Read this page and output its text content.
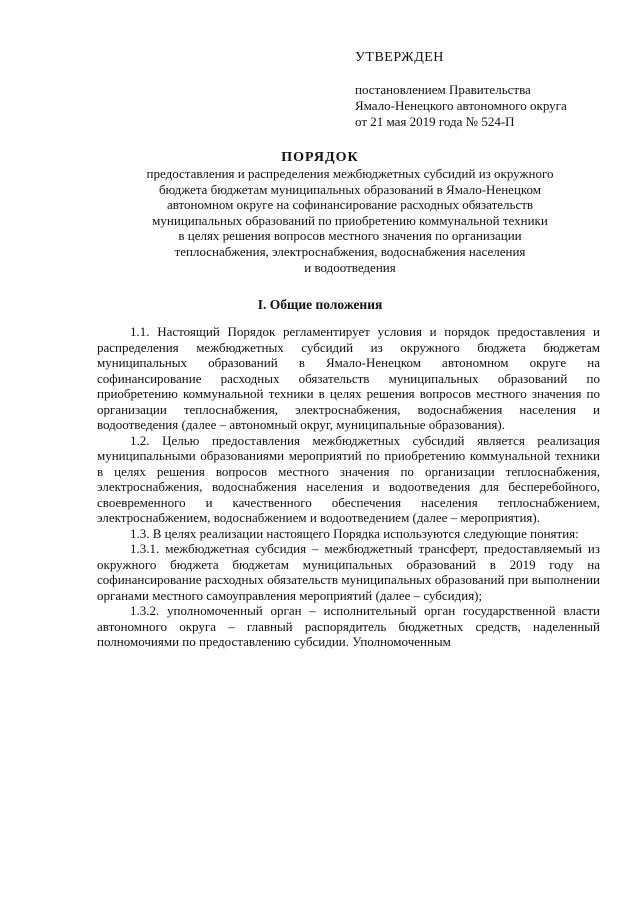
УТВЕРЖДЕН
постановлением Правительства
Ямало-Ненецкого автономного округа
от 21 мая 2019 года № 524-П
ПОРЯДОК
предоставления и распределения межбюджетных субсидий из окружного
бюджета бюджетам муниципальных образований в Ямало-Ненецком
автономном округе на софинансирование расходных обязательств
муниципальных образований по приобретению коммунальной техники
в целях решения вопросов местного значения по организации
теплоснабжения, электроснабжения, водоснабжения населения
и водоотведения
I. Общие положения

1.1. Настоящий Порядок регламентирует условия и порядок предоставления и распределения межбюджетных субсидий из окружного бюджета бюджетам муниципальных образований в Ямало-Ненецком автономном округе на софинансирование расходных обязательств муниципальных образований по приобретению коммунальной техники в целях решения вопросов местного значения по организации теплоснабжения, электроснабжения, водоснабжения населения и водоотведения (далее – автономный округ, муниципальные образования).

1.2. Целью предоставления межбюджетных субсидий является реализация муниципальными образованиями мероприятий по приобретению коммунальной техники в целях решения вопросов местного значения по организации теплоснабжения, электроснабжения, водоснабжения населения и водоотведения для бесперебойного, своевременного и качественного обеспечения населения теплоснабжением, электроснабжением, водоснабжением и водоотведением (далее – мероприятия).

1.3. В целях реализации настоящего Порядка используются следующие понятия:

1.3.1. межбюджетная субсидия – межбюджетный трансферт, предоставляемый из окружного бюджета бюджетам муниципальных образований в 2019 году на софинансирование расходных обязательств муниципальных образований при выполнении органами местного самоуправления мероприятий (далее – субсидия);

1.3.2. уполномоченный орган – исполнительный орган государственной власти автономного округа – главный распорядитель бюджетных средств, наделенный полномочиями по предоставлению субсидии. Уполномоченным
